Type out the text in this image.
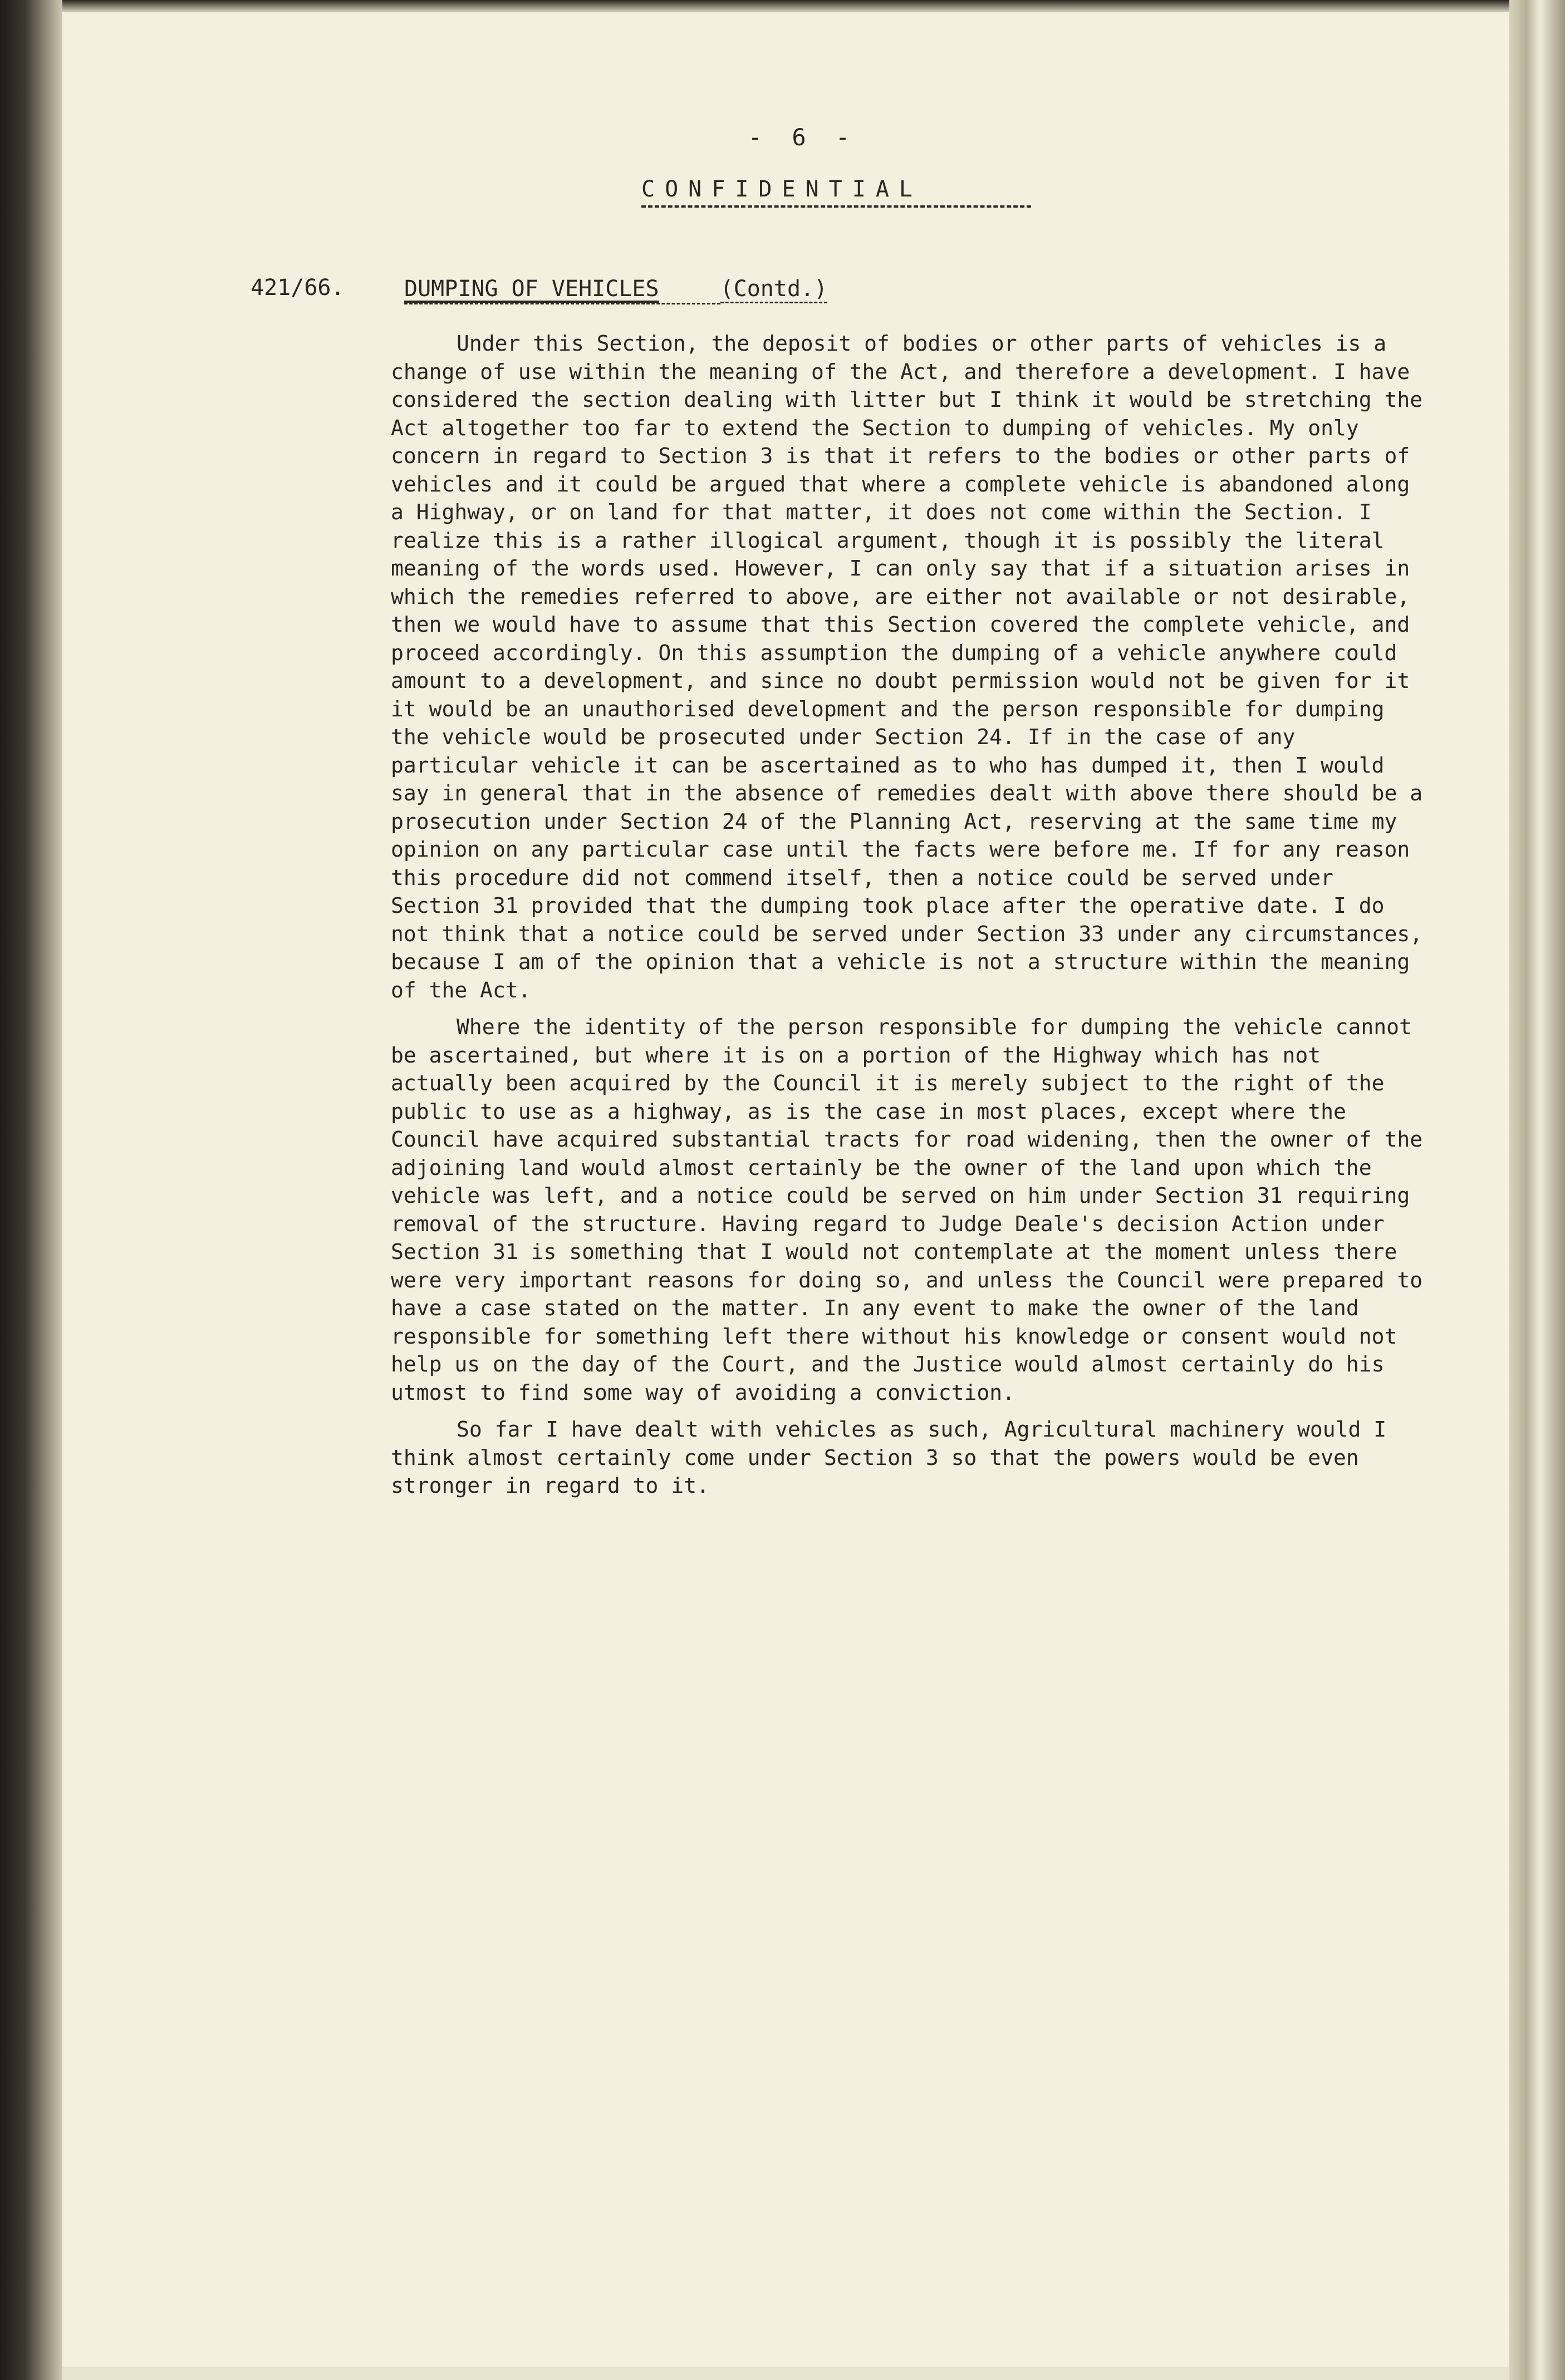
- 6 -
CONFIDENTIAL
421/66.	DUMPING OF VEHICLES	(Contd.)

Under this Section, the deposit of bodies or other parts of vehicles is a change of use within the meaning of the Act, and therefore a development. I have considered the section dealing with litter but I think it would be stretching the Act altogether too far to extend the Section to dumping of vehicles. My only concern in regard to Section 3 is that it refers to the bodies or other parts of vehicles and it could be argued that where a complete vehicle is abandoned along a Highway, or on land for that matter, it does not come within the Section. I realize this is a rather illogical argument, though it is possibly the literal meaning of the words used. However, I can only say that if a situation arises in which the remedies referred to above, are either not available or not desirable, then we would have to assume that this Section covered the complete vehicle, and proceed accordingly. On this assumption the dumping of a vehicle anywhere could amount to a development, and since no doubt permission would not be given for it it would be an unauthorised development and the person responsible for dumping the vehicle would be prosecuted under Section 24. If in the case of any particular vehicle it can be ascertained as to who has dumped it, then I would say in general that in the absence of remedies dealt with above there should be a prosecution under Section 24 of the Planning Act, reserving at the same time my opinion on any particular case until the facts were before me. If for any reason this procedure did not commend itself, then a notice could be served under Section 31 provided that the dumping took place after the operative date. I do not think that a notice could be served under Section 33 under any circumstances, because I am of the opinion that a vehicle is not a structure within the meaning of the Act.

Where the identity of the person responsible for dumping the vehicle cannot be ascertained, but where it is on a portion of the Highway which has not actually been acquired by the Council it is merely subject to the right of the public to use as a highway, as is the case in most places, except where the Council have acquired substantial tracts for road widening, then the owner of the adjoining land would almost certainly be the owner of the land upon which the vehicle was left, and a notice could be served on him under Section 31 requiring removal of the structure. Having regard to Judge Deale's decision Action under Section 31 is something that I would not contemplate at the moment unless there were very important reasons for doing so, and unless the Council were prepared to have a case stated on the matter. In any event to make the owner of the land responsible for something left there without his knowledge or consent would not help us on the day of the Court, and the Justice would almost certainly do his utmost to find some way of avoiding a conviction.

So far I have dealt with vehicles as such, Agricultural machinery would I think almost certainly come under Section 3 so that the powers would be even stronger in regard to it.
